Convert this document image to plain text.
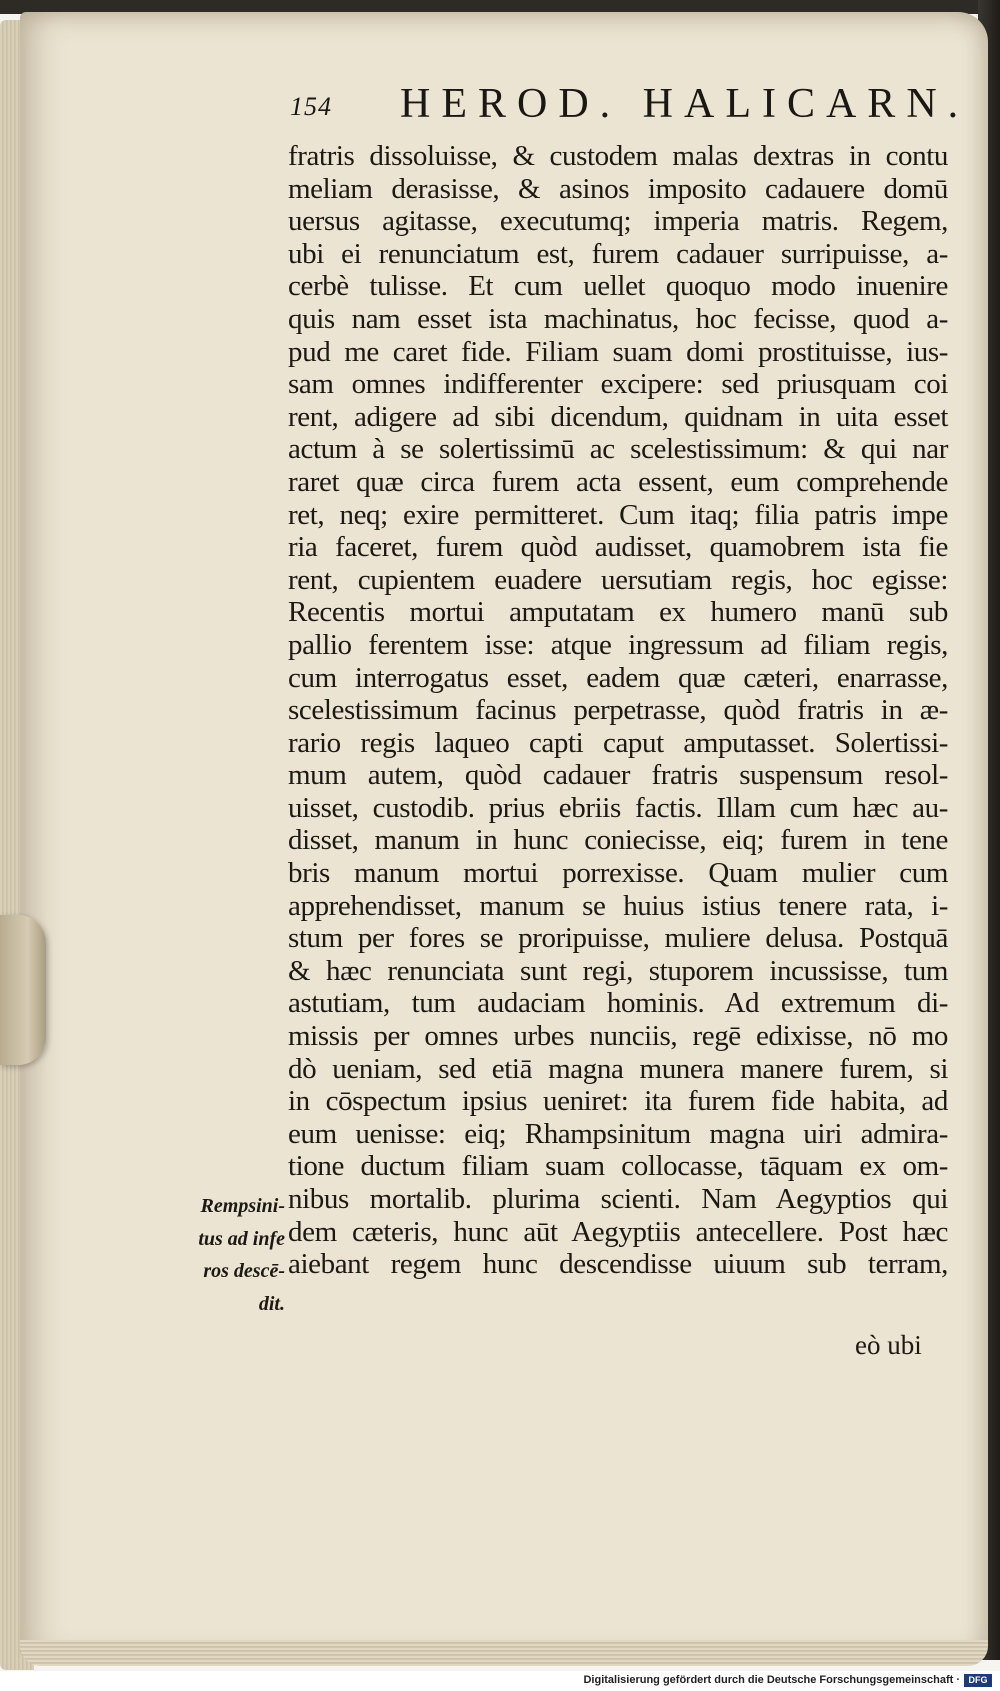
154 HEROD. HALICARN.
fratris dissoluisse, & custodem malas dextras in contu
meliam derasisse, & asinos imposito cadauere domū
uersus agitasse, executumq; imperia matris. Regem,
ubi ei renunciatum est, furem cadauer surripuisse, a-
cerbè tulisse. Et cum uellet quoquo modo inuenire
quis nam esset ista machinatus, hoc fecisse, quod a-
pud me caret fide. Filiam suam domi prostituisse, ius-
sam omnes indifferenter excipere: sed priusquam coi
rent, adigere ad sibi dicendum, quidnam in uita esset
actum à se solertissimū ac scelestissimum: & qui nar
raret quæ circa furem acta essent, eum comprehende
ret, neq; exire permitteret. Cum itaq; filia patris impe
ria faceret, furem quòd audisset, quamobrem ista fie
rent, cupientem euadere uersutiam regis, hoc egisse:
Recentis mortui amputatam ex humero manū sub
pallio ferentem isse: atque ingressum ad filiam regis,
cum interrogatus esset, eadem quæ cæteri, enarrasse,
scelestissimum facinus perpetrasse, quòd fratris in æ-
rario regis laqueo capti caput amputasset. Solertissi-
mum autem, quòd cadauer fratris suspensum resol-
uisset, custodib. prius ebriis factis. Illam cum hæc au-
disset, manum in hunc coniecisse, eiq; furem in tene
bris manum mortui porrexisse. Quam mulier cum
apprehendisset, manum se huius istius tenere rata, i-
stum per fores se proripuisse, muliere delusa. Postquā
& hæc renunciata sunt regi, stuporem incussisse, tum
astutiam, tum audaciam hominis. Ad extremum di-
missis per omnes urbes nunciis, regē edixisse, nō mo
dò ueniam, sed etiā magna munera manere furem, si
in cōspectum ipsius ueniret: ita furem fide habita, ad
eum uenisse: eiq; Rhampsinitum magna uiri admira-
tione ductum filiam suam collocasse, tāquam ex om-
nibus mortalib. plurima scienti. Nam Aegyptios qui
dem cæteris, hunc aūt Aegyptiis antecellere. Post hæc
aiebant regem hunc descendisse uiuum sub terram,
Rempsini-
tus ad infe
ros descē-
dit.
eò ubi
Digitalisierung gefördert durch die Deutsche Forschungsgemeinschaft · DFG
